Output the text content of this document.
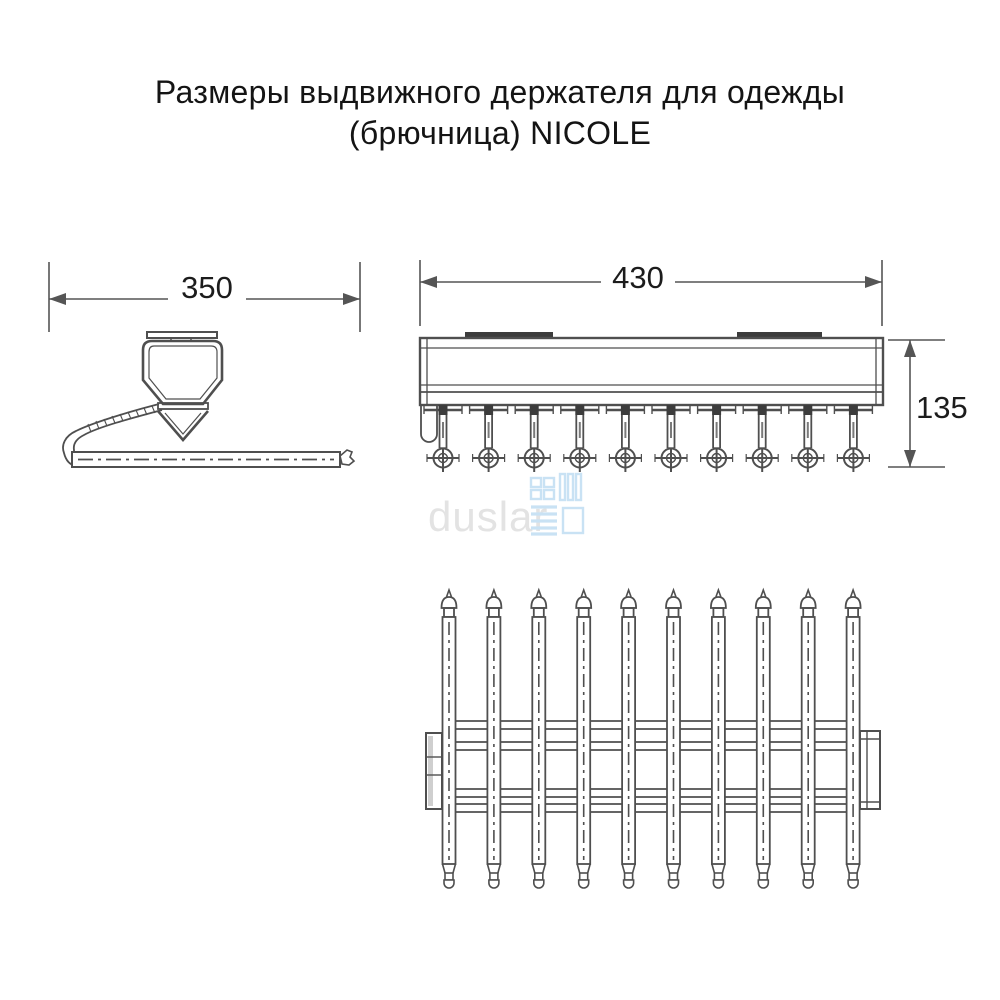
Размеры выдвижного держателя для одежды
(брючница) NICOLE
350	430
135
duslar
